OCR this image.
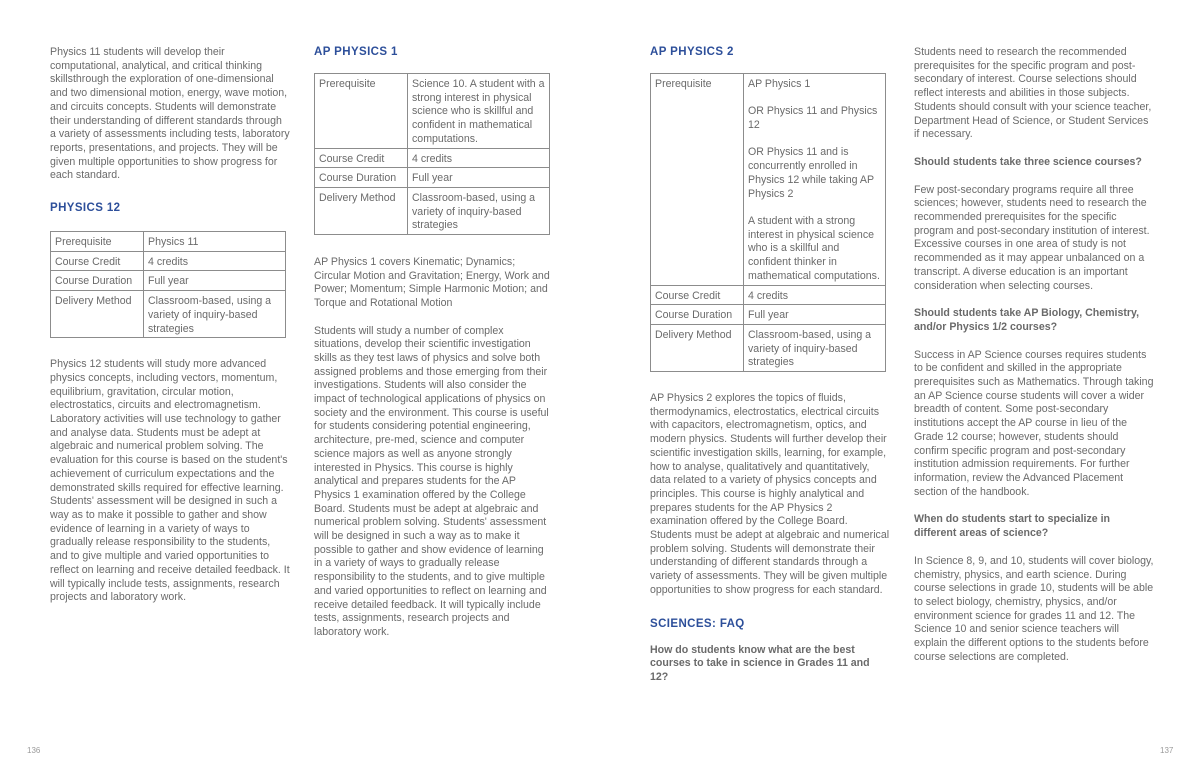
Physics 11 students will develop their computational, analytical, and critical thinking skillsthrough the exploration of one-dimensional and two dimensional motion, energy, wave motion, and circuits concepts. Students will demonstrate their understanding of different standards through a variety of assessments including tests, laboratory reports, presentations, and projects. They will be given multiple opportunities to show progress for each standard.

PHYSICS 12
Prerequisite	Physics 11
Course Credit	4 credits
Course Duration	Full year
Delivery Method	Classroom-based, using a variety of inquiry-based strategies

Physics 12 students will study more advanced physics concepts, including vectors, momentum, equilibrium, gravitation, circular motion, electrostatics, circuits and electromagnetism. Laboratory activities will use technology to gather and analyse data. Students must be adept at algebraic and numerical problem solving. The evaluation for this course is based on the student's achievement of curriculum expectations and the demonstrated skills required for effective learning. Students' assessment will be designed in such a way as to make it possible to gather and show evidence of learning in a variety of ways to gradually release responsibility to the students, and to give multiple and varied opportunities to reflect on learning and receive detailed feedback. It will typically include tests, assignments, research projects and laboratory work.

AP PHYSICS 1
Prerequisite	Science 10. A student with a strong interest in physical science who is skillful and confident in mathematical computations.
Course Credit	4 credits
Course Duration	Full year
Delivery Method	Classroom-based, using a variety of inquiry-based strategies

AP Physics 1 covers Kinematic; Dynamics; Circular Motion and Gravitation; Energy, Work and Power; Momentum; Simple Harmonic Motion; and Torque and Rotational Motion

Students will study a number of complex situations, develop their scientific investigation skills as they test laws of physics and solve both assigned problems and those emerging from their investigations. Students will also consider the impact of technological applications of physics on society and the environment. This course is useful for students considering potential engineering, architecture, pre-med, science and computer science majors as well as anyone strongly interested in Physics. This course is highly analytical and prepares students for the AP Physics 1 examination offered by the College Board. Students must be adept at algebraic and numerical problem solving. Students' assessment will be designed in such a way as to make it possible to gather and show evidence of learning in a variety of ways to gradually release responsibility to the students, and to give multiple and varied opportunities to reflect on learning and receive detailed feedback. It will typically include tests, assignments, research projects and laboratory work.

136
AP PHYSICS 2
Prerequisite	AP Physics 1
OR Physics 11 and Physics 12
OR Physics 11 and is concurrently enrolled in Physics 12 while taking AP Physics 2
A student with a strong interest in physical science who is a skillful and confident thinker in mathematical computations.

Course Credit	4 credits
Course Duration	Full year
Delivery Method	Classroom-based, using a variety of inquiry-based strategies

AP Physics 2 explores the topics of fluids, thermodynamics, electrostatics, electrical circuits with capacitors, electromagnetism, optics, and modern physics. Students will further develop their scientific investigation skills, learning, for example, how to analyse, qualitatively and quantitatively, data related to a variety of physics concepts and principles. This course is highly analytical and prepares students for the AP Physics 2 examination offered by the College Board. Students must be adept at algebraic and numerical problem solving. Students will demonstrate their understanding of different standards through a variety of assessments. They will be given multiple opportunities to show progress for each standard.

SCIENCES: FAQ
How do students know what are the best courses to take in science in Grades 11 and 12?

Students need to research the recommended prerequisites for the specific program and post-secondary of interest. Course selections should reflect interests and abilities in those subjects. Students should consult with your science teacher, Department Head of Science, or Student Services if necessary.

Should students take three science courses?

Few post-secondary programs require all three sciences; however, students need to research the recommended prerequisites for the specific program and post-secondary institution of interest. Excessive courses in one area of study is not recommended as it may appear unbalanced on a transcript. A diverse education is an important consideration when selecting courses.

Should students take AP Biology, Chemistry, and/or Physics 1/2 courses?

Success in AP Science courses requires students to be confident and skilled in the appropriate prerequisites such as Mathematics. Through taking an AP Science course students will cover a wider breadth of content. Some post-secondary institutions accept the AP course in lieu of the Grade 12 course; however, students should confirm specific program and post-secondary institution admission requirements. For further information, review the Advanced Placement section of the handbook.

When do students start to specialize in different areas of science?

In Science 8, 9, and 10, students will cover biology, chemistry, physics, and earth science. During course selections in grade 10, students will be able to select biology, chemistry, physics, and/or environment science for grades 11 and 12. The Science 10 and senior science teachers will explain the different options to the students before course selections are completed.

137
